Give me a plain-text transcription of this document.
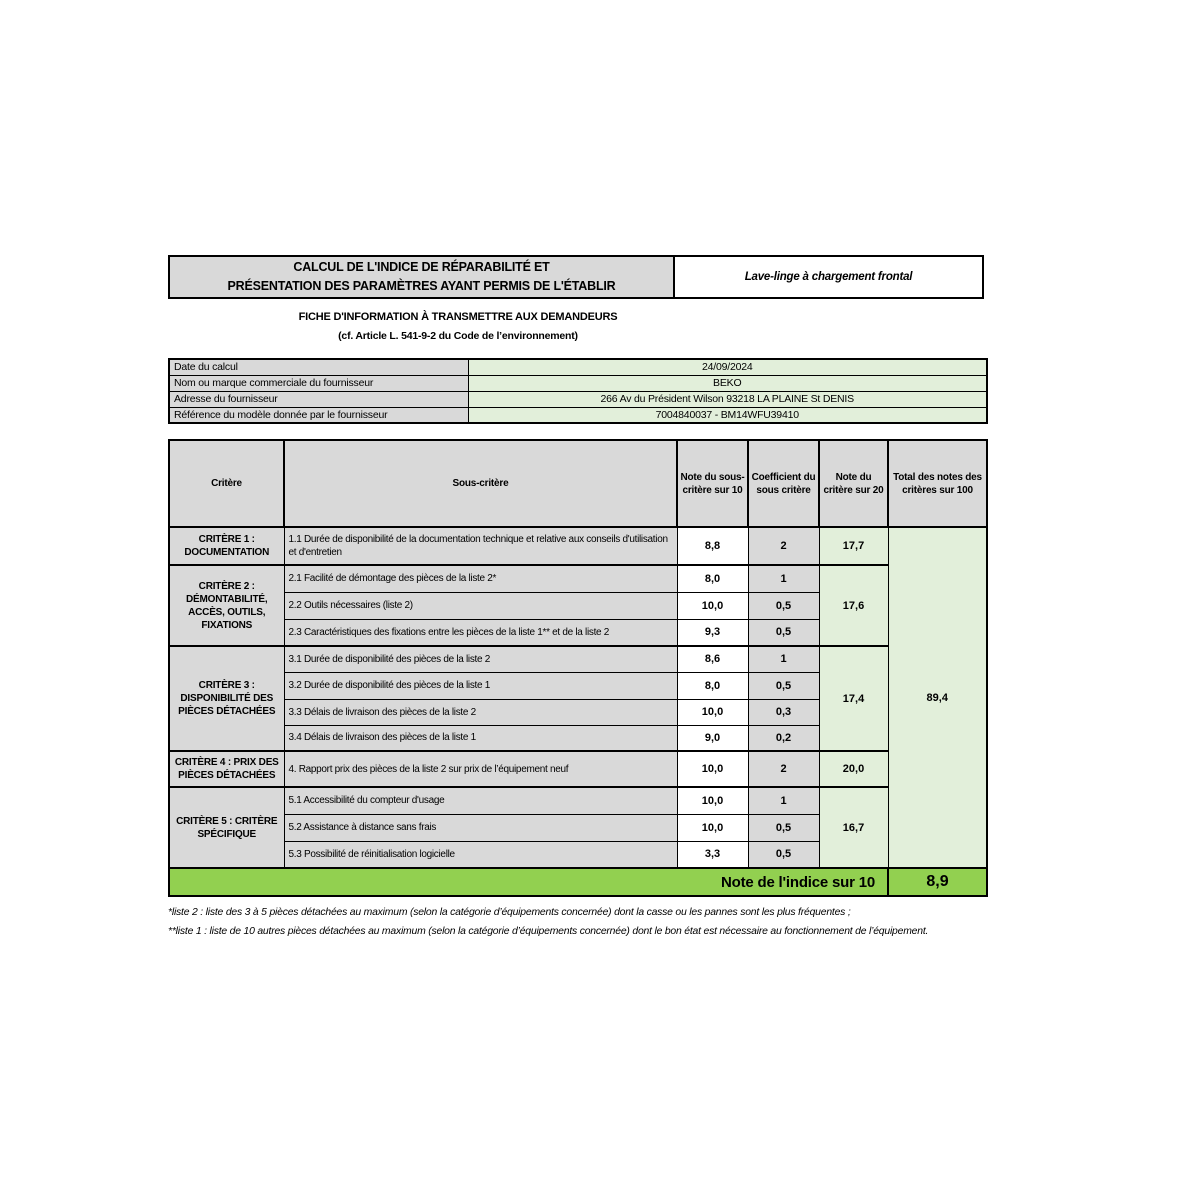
CALCUL DE L'INDICE DE RÉPARABILITÉ ET
PRÉSENTATION DES PARAMÈTRES AYANT PERMIS DE L'ÉTABLIR
Lave-linge à chargement frontal
FICHE D'INFORMATION À TRANSMETTRE AUX DEMANDEURS
(cf. Article L. 541-9-2 du Code de l’environnement)
Date du calcul	24/09/2024
Nom ou marque commerciale du fournisseur	BEKO
Adresse du fournisseur	266 Av du Président Wilson 93218 LA PLAINE St DENIS
Référence du modèle donnée par le fournisseur	7004840037 - BM14WFU39410
Critère	Sous-critère	Note du sous-critère sur 10	Coefficient du sous critère	Note du critère sur 20	Total des notes des critères sur 100
CRITÈRE 1 : DOCUMENTATION	1.1 Durée de disponibilité de la documentation technique et relative aux conseils d'utilisation et d'entretien	8,8	2	17,7	89,4
CRITÈRE 2 : DÉMONTABILITÉ, ACCÈS, OUTILS, FIXATIONS	2.1 Facilité de démontage des pièces de la liste 2*	8,0	1	17,6	
	2.2 Outils nécessaires (liste 2)	10,0	0,5		
	2.3 Caractéristiques des fixations entre les pièces de la liste 1** et de la liste 2	9,3	0,5		
CRITÈRE 3 : DISPONIBILITÉ DES PIÈCES DÉTACHÉES	3.1 Durée de disponibilité des pièces de la liste 2	8,6	1	17,4	
	3.2 Durée de disponibilité des pièces de la liste 1	8,0	0,5		
	3.3 Délais de livraison des pièces de la liste 2	10,0	0,3		
	3.4 Délais de livraison des pièces de la liste 1	9,0	0,2		
CRITÈRE 4 : PRIX DES PIÈCES DÉTACHÉES	4. Rapport prix des pièces de la liste 2 sur prix de l’équipement neuf	10,0	2	20,0	
CRITÈRE 5 : CRITÈRE SPÉCIFIQUE	5.1 Accessibilité du compteur d'usage	10,0	1	16,7	
	5.2 Assistance à distance sans frais	10,0	0,5		
	5.3 Possibilité de réinitialisation logicielle	3,3	0,5		
Note de l'indice sur 10					8,9
*liste 2 : liste des 3 à 5 pièces détachées au maximum (selon la catégorie d’équipements concernée) dont la casse ou les pannes sont les plus fréquentes ;
**liste 1 : liste de 10 autres pièces détachées au maximum (selon la catégorie d’équipements concernée) dont le bon état est nécessaire au fonctionnement de l’équipement.
